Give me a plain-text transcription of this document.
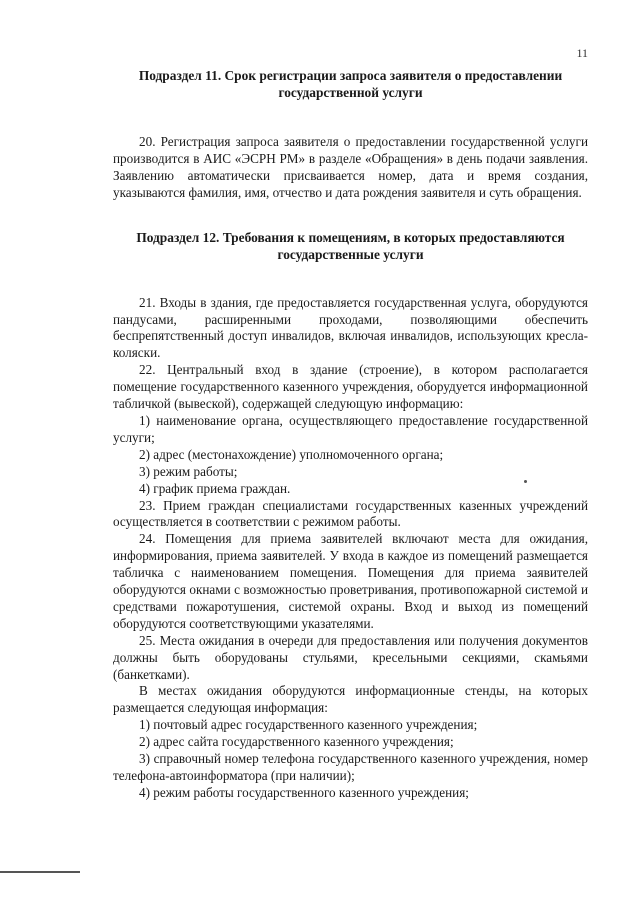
11
Подраздел 11. Срок регистрации запроса заявителя о предоставлении
государственной услуги

20. Регистрация запроса заявителя о предоставлении государственной услуги производится в АИС «ЭСРН РМ» в разделе «Обращения» в день подачи заявления. Заявлению автоматически присваивается номер, дата и время создания, указываются фамилия, имя, отчество и дата рождения заявителя и суть обращения.

Подраздел 12. Требования к помещениям, в которых предоставляются
государственные услуги

21. Входы в здания, где предоставляется государственная услуга, оборудуются пандусами, расширенными проходами, позволяющими обеспечить беспрепятственный доступ инвалидов, включая инвалидов, использующих кресла-коляски.

22. Центральный вход в здание (строение), в котором располагается помещение государственного казенного учреждения, оборудуется информационной табличкой (вывеской), содержащей следующую информацию:

1) наименование органа, осуществляющего предоставление государственной услуги;

2) адрес (местонахождение) уполномоченного органа;

3) режим работы;

4) график приема граждан.

23. Прием граждан специалистами государственных казенных учреждений осуществляется в соответствии с режимом работы.

24. Помещения для приема заявителей включают места для ожидания, информирования, приема заявителей. У входа в каждое из помещений размещается табличка с наименованием помещения. Помещения для приема заявителей оборудуются окнами с возможностью проветривания, противопожарной системой и средствами пожаротушения, системой охраны. Вход и выход из помещений оборудуются соответствующими указателями.

25. Места ожидания в очереди для предоставления или получения документов должны быть оборудованы стульями, кресельными секциями, скамьями (банкетками).

В местах ожидания оборудуются информационные стенды, на которых размещается следующая информация:

1) почтовый адрес государственного казенного учреждения;

2) адрес сайта государственного казенного учреждения;

3) справочный номер телефона государственного казенного учреждения, номер телефона-автоинформатора (при наличии);

4) режим работы государственного казенного учреждения;
